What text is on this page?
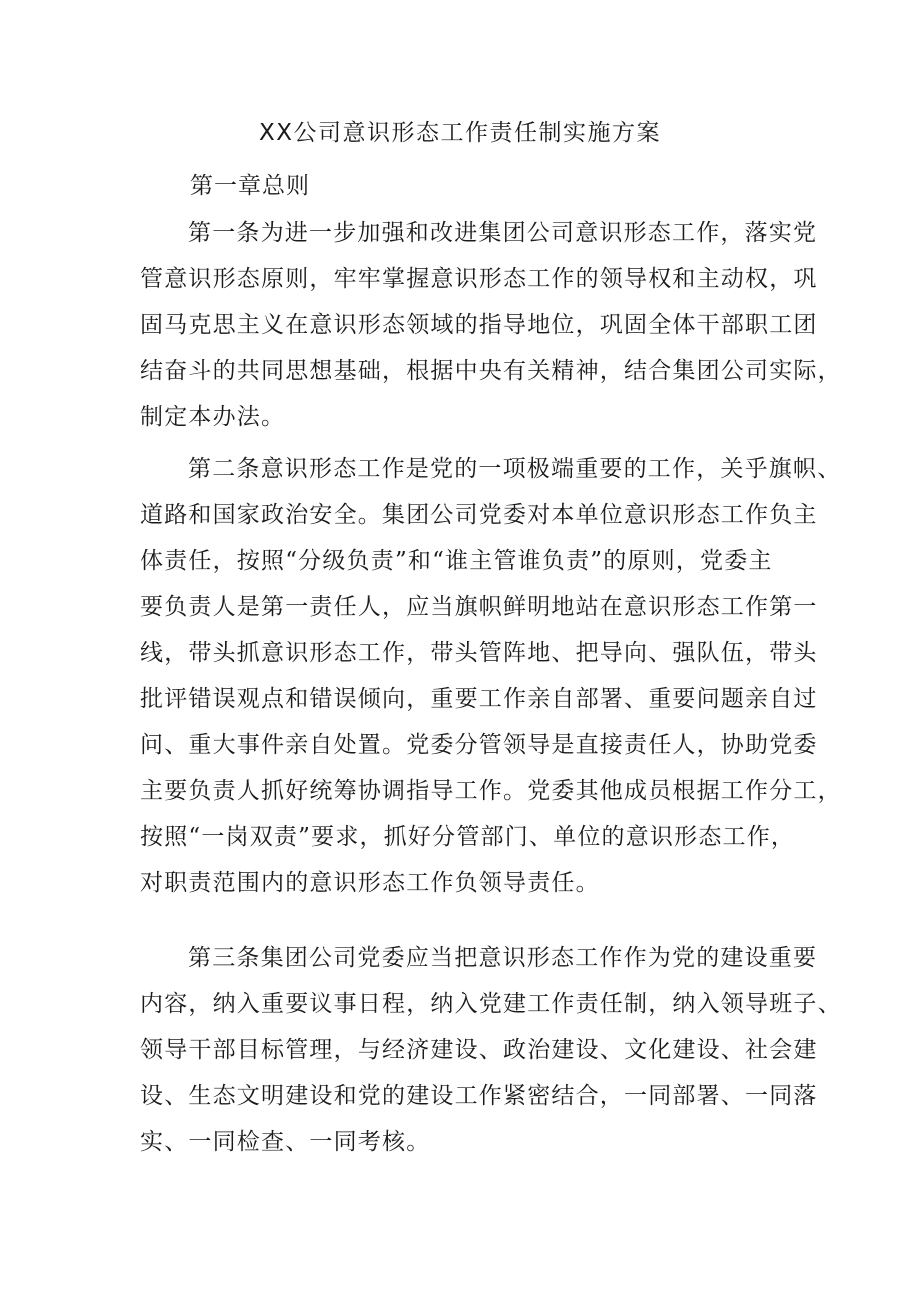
XX公司意识形态工作责任制实施方案
第一章总则
第一条为进一步加强和改进集团公司意识形态工作，落实党
管意识形态原则，牢牢掌握意识形态工作的领导权和主动权，巩
固马克思主义在意识形态领域的指导地位，巩固全体干部职工团
结奋斗的共同思想基础，根据中央有关精神，结合集团公司实际，
制定本办法。
第二条意识形态工作是党的一项极端重要的工作，关乎旗帜、
道路和国家政治安全。集团公司党委对本单位意识形态工作负主
体责任，按照“分级负责”和“谁主管谁负责”的原则，党委主
要负责人是第一责任人，应当旗帜鲜明地站在意识形态工作第一
线，带头抓意识形态工作，带头管阵地、把导向、强队伍，带头
批评错误观点和错误倾向，重要工作亲自部署、重要问题亲自过
问、重大事件亲自处置。党委分管领导是直接责任人，协助党委
主要负责人抓好统筹协调指导工作。党委其他成员根据工作分工，
按照“一岗双责”要求，抓好分管部门、单位的意识形态工作，
对职责范围内的意识形态工作负领导责任。
第三条集团公司党委应当把意识形态工作作为党的建设重要
内容，纳入重要议事日程，纳入党建工作责任制，纳入领导班子、
领导干部目标管理，与经济建设、政治建设、文化建设、社会建
设、生态文明建设和党的建设工作紧密结合，一同部署、一同落
实、一同检查、一同考核。
